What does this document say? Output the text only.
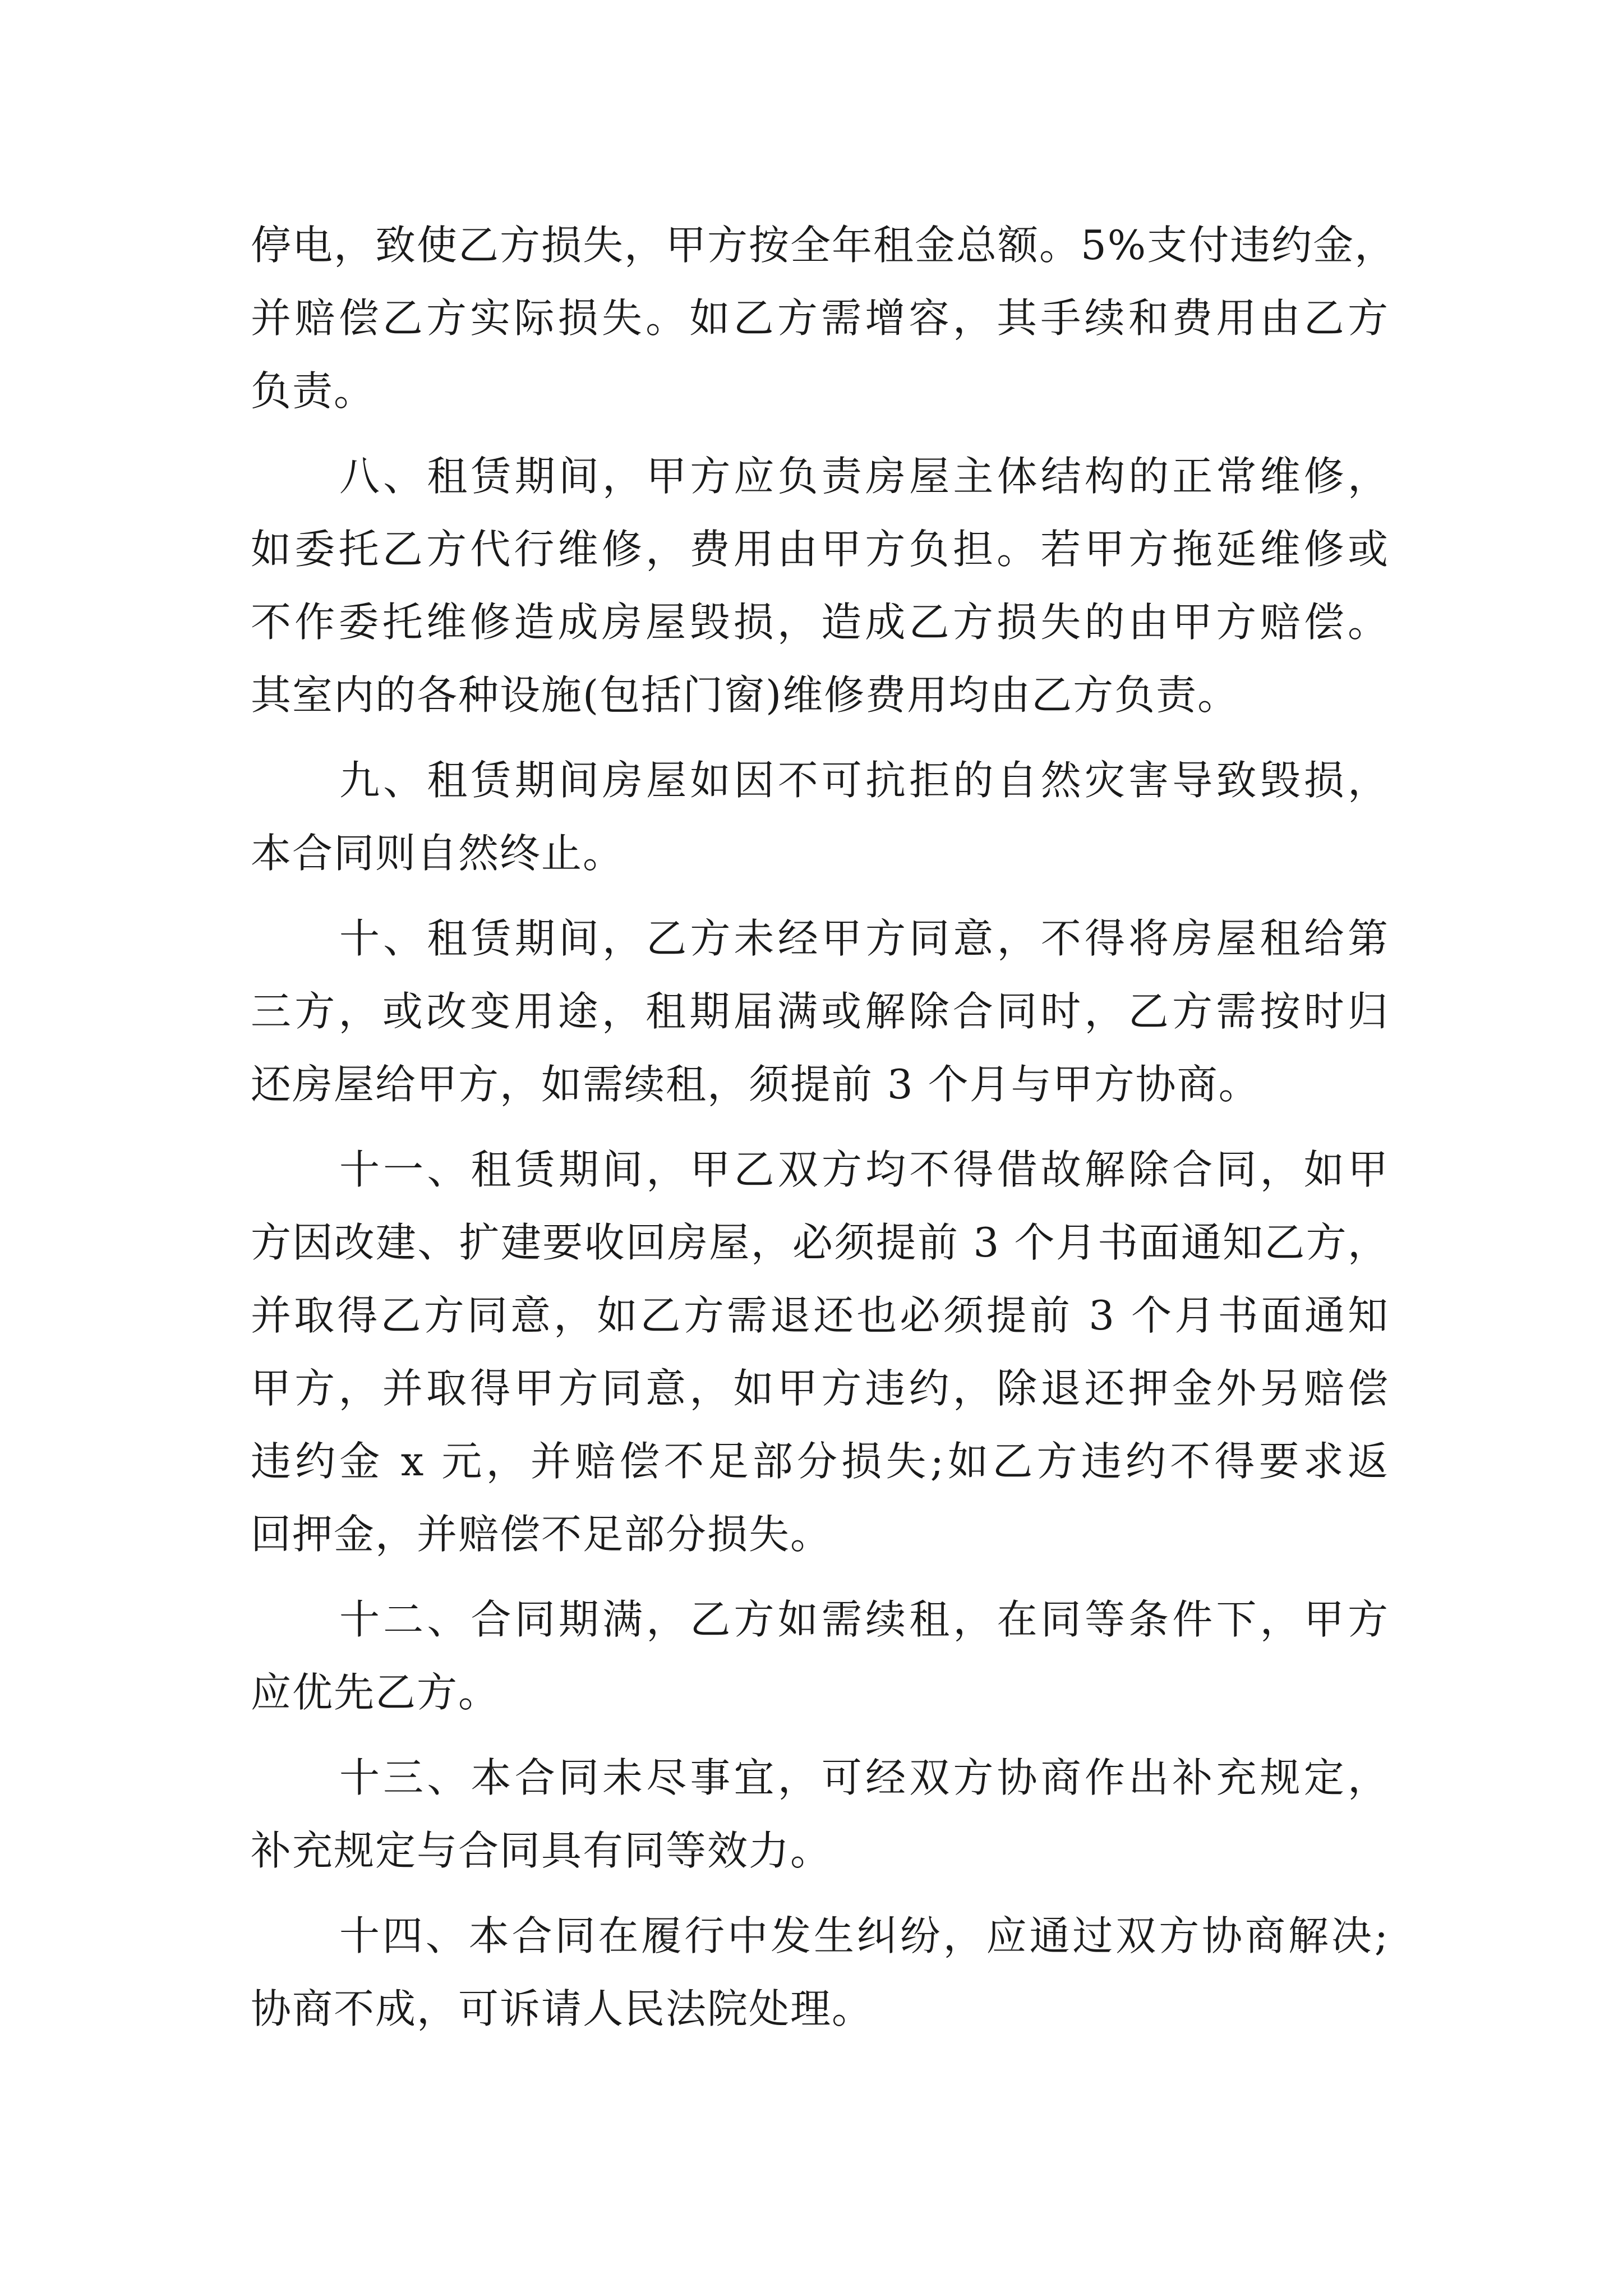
停电，致使乙方损失，甲方按全年租金总额。5%支付违约金，
并赔偿乙方实际损失。如乙方需增容，其手续和费用由乙方
负责。
八、租赁期间，甲方应负责房屋主体结构的正常维修，
如委托乙方代行维修，费用由甲方负担。若甲方拖延维修或
不作委托维修造成房屋毁损，造成乙方损失的由甲方赔偿。
其室内的各种设施(包括门窗)维修费用均由乙方负责。
九、租赁期间房屋如因不可抗拒的自然灾害导致毁损，
本合同则自然终止。
十、租赁期间，乙方未经甲方同意，不得将房屋租给第
三方，或改变用途，租期届满或解除合同时，乙方需按时归
还房屋给甲方，如需续租，须提前 3 个月与甲方协商。
十一、租赁期间，甲乙双方均不得借故解除合同，如甲
方因改建、扩建要收回房屋，必须提前 3 个月书面通知乙方，
并取得乙方同意，如乙方需退还也必须提前 3 个月书面通知
甲方，并取得甲方同意，如甲方违约，除退还押金外另赔偿
违约金 x 元，并赔偿不足部分损失;如乙方违约不得要求返
回押金，并赔偿不足部分损失。
十二、合同期满，乙方如需续租，在同等条件下，甲方
应优先乙方。
十三、本合同未尽事宜，可经双方协商作出补充规定，
补充规定与合同具有同等效力。
十四、本合同在履行中发生纠纷，应通过双方协商解决;
协商不成，可诉请人民法院处理。
